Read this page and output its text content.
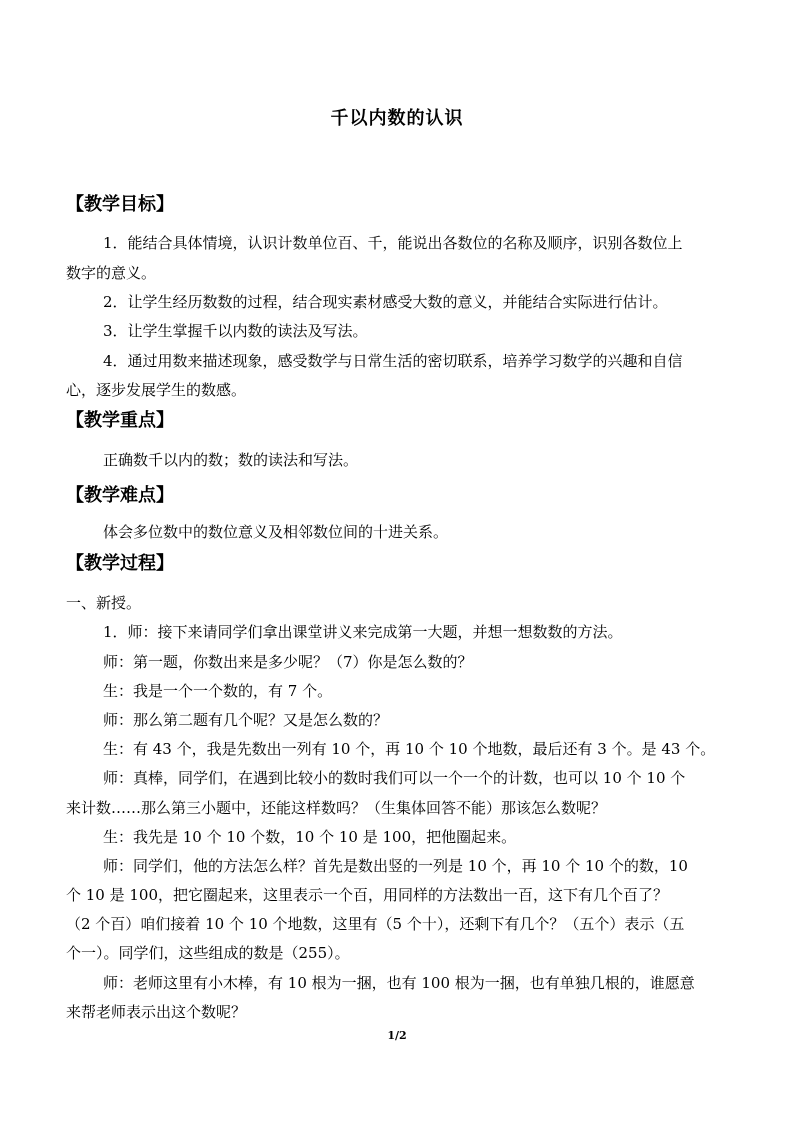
千以内数的认识
【教学目标】
1．能结合具体情境，认识计数单位百、千，能说出各数位的名称及顺序，识别各数位上
数字的意义。
2．让学生经历数数的过程，结合现实素材感受大数的意义，并能结合实际进行估计。
3．让学生掌握千以内数的读法及写法。
4．通过用数来描述现象，感受数学与日常生活的密切联系，培养学习数学的兴趣和自信
心，逐步发展学生的数感。
【教学重点】
正确数千以内的数；数的读法和写法。
【教学难点】
体会多位数中的数位意义及相邻数位间的十进关系。
【教学过程】
一、新授。
1．师：接下来请同学们拿出课堂讲义来完成第一大题，并想一想数数的方法。
师：第一题，你数出来是多少呢？（7）你是怎么数的？
生：我是一个一个数的，有 7 个。
师：那么第二题有几个呢？又是怎么数的？
生：有 43 个，我是先数出一列有 10 个，再 10 个 10 个地数，最后还有 3 个。是 43 个。
师：真棒，同学们，在遇到比较小的数时我们可以一个一个的计数，也可以 10 个 10 个
来计数……那么第三小题中，还能这样数吗？（生集体回答不能）那该怎么数呢？
生：我先是 10 个 10 个数，10 个 10 是 100，把他圈起来。
师：同学们，他的方法怎么样？首先是数出竖的一列是 10 个，再 10 个 10 个的数，10
个 10 是 100，把它圈起来，这里表示一个百，用同样的方法数出一百，这下有几个百了？
（2 个百）咱们接着 10 个 10 个地数，这里有（5 个十），还剩下有几个？（五个）表示（五
个一）。同学们，这些组成的数是（255）。
师：老师这里有小木棒，有 10 根为一捆，也有 100 根为一捆，也有单独几根的，谁愿意
来帮老师表示出这个数呢？
1/2
